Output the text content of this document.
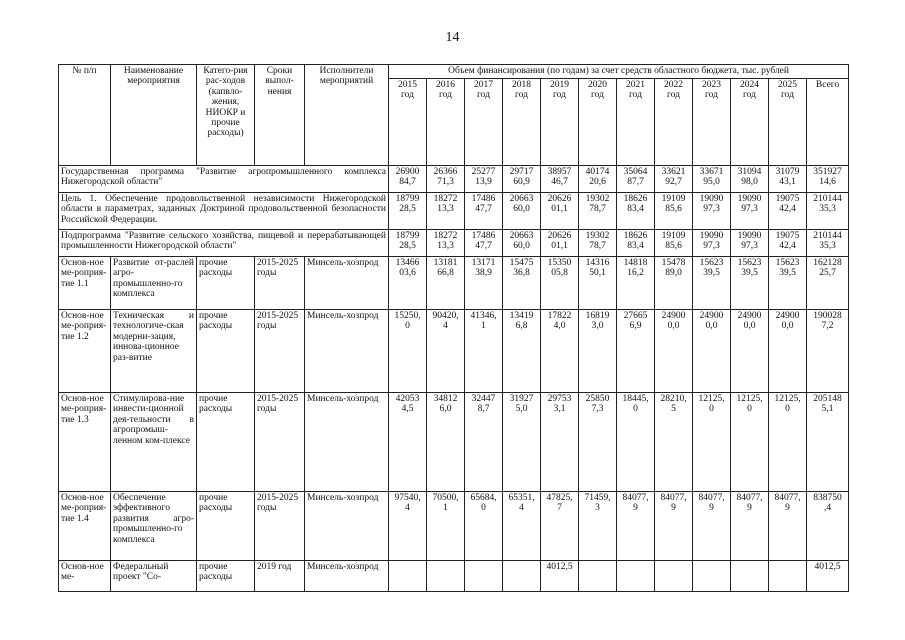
14
№ п/п	Наименование мероприятия	Катего-рия рас-ходов (капвло-жения, НИОКР и прочие расходы)	Сроки выпол-нения	Исполнители мероприятий	Объем финансирования (по годам) за счет средств областного бюджета, тыс. рублей											
					2015 год	2016 год	2017 год	2018 год	2019 год	2020 год	2021 год	2022 год	2023 год	2024 год	2025 год	Всего
Государственная программа "Развитие агропромышленного комплекса Нижегородской области"					26900 84,7	26366 71,3	25277 13,9	29717 60,9	38957 46,7	40174 20,6	35064 87,7	33621 92,7	33671 95,0	31094 98,0	31079 43,1	351927 14,6
Цель 1. Обеспечение продовольственной независимости Нижегородской области в параметрах, заданных Доктриной продовольственной безопасности Российской Федерации.					18799 28,5	18272 13,3	17486 47,7	20663 60,0	20626 01,1	19302 78,7	18626 83,4	19109 85,6	19090 97,3	19090 97,3	19075 42,4	210144 35,3
Подпрограмма "Развитие сельского хозяйства, пищевой и перерабатывающей промышленности Нижегородской области"					18799 28,5	18272 13,3	17486 47,7	20663 60,0	20626 01,1	19302 78,7	18626 83,4	19109 85,6	19090 97,3	19090 97,3	19075 42,4	210144 35,3
Основ-ное ме-роприя-тие 1.1	Развитие от-раслей агро-промышленно-го комплекса	прочие расходы	2015-2025 годы	Минсель-хозпрод	13466 03,6	13181 66,8	13171 38,9	15475 36,8	15350 05,8	14316 50,1	14818 16,2	15478 89,0	15623 39,5	15623 39,5	15623 39,5	162128 25,7
Основ-ное ме-роприя-тие 1.2	Техническая и технологиче-ская модерни-зация, иннова-ционное раз-витие	прочие расходы	2015-2025 годы	Минсель-хозпрод	15250, 0	90420, 4	41346, 1	13419 6,8	17822 4,0	16819 3,0	27665 6,9	24900 0,0	24900 0,0	24900 0,0	24900 0,0	190028 7,2
Основ-ное ме-роприя-тие 1.3	Стимулирова-ние инвести-ционной дея-тельности в агропромыш-ленном ком-плексе	прочие расходы	2015-2025 годы	Минсель-хозпрод	42053 4,5	34812 6,0	32447 8,7	31927 5,0	29753 3,1	25850 7,3	18445, 0	28210, 5	12125, 0	12125, 0	12125, 0	205148 5,1
Основ-ное ме-роприя-тие 1.4	Обеспечение эффективного развития агро-промышленно-го комплекса	прочие расходы	2015-2025 годы	Минсель-хозпрод	97540, 4	70500, 1	65684, 0	65351, 4	47825, 7	71459, 3	84077, 9	84077, 9	84077, 9	84077, 9	84077, 9	838750 ,4
Основ-ное ме-	Федеральный проект "Со-	прочие расходы	2019 год	Минсель-хозпрод					4012,5							4012,5
